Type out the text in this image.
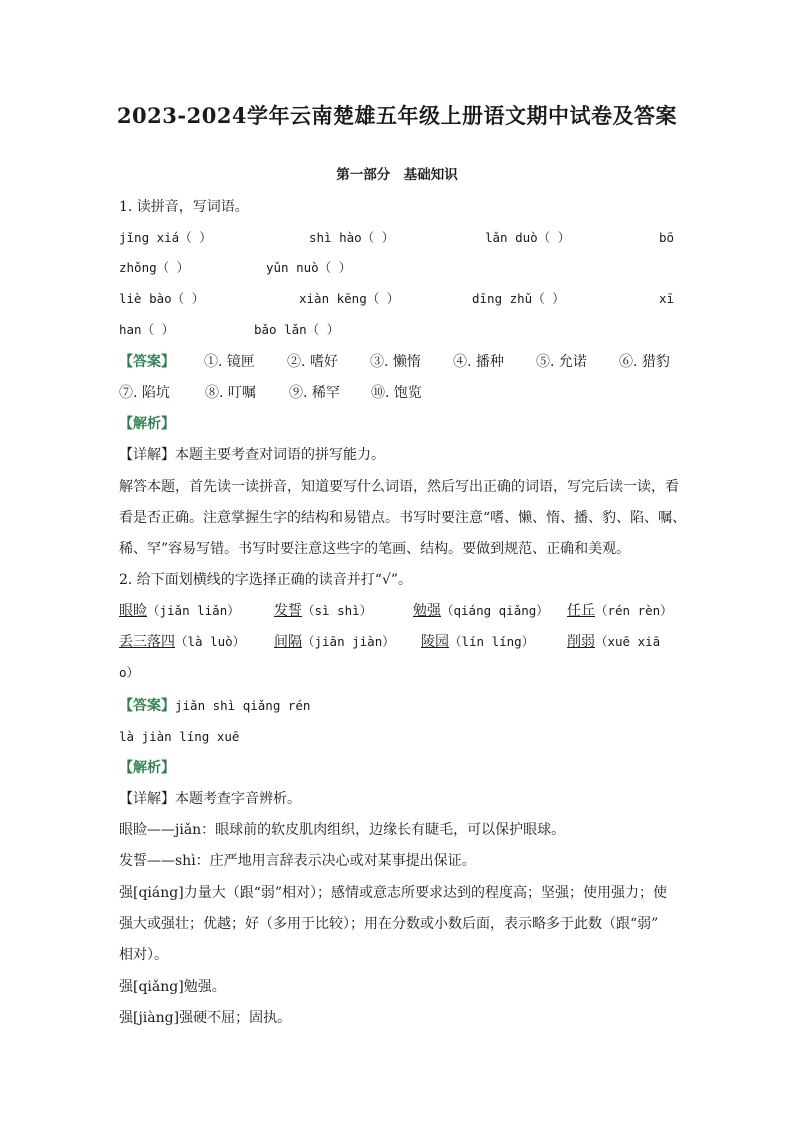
2023-2024学年云南楚雄五年级上册语文期中试卷及答案
第一部分　基础知识
1. 读拼音，写词语。
jǐng xiá（ ）	shì hào（ ）	lǎn duò（ ）	bō
zhǒng（ ）	yǔn nuò（ ）
liè bào（ ）	xiàn kēng（ ）	dīng zhǔ（ ）	xī
han（ ）	bǎo lǎn（ ）
【答案】 ①. 镜匣 ②. 嗜好 ③. 懒惰 ④. 播种 ⑤. 允诺 ⑥. 猎豹
⑦. 陷坑	⑧. 叮嘱 ⑨. 稀罕 ⑩. 饱览
【解析】
【详解】本题主要考查对词语的拼写能力。
解答本题，首先读一读拼音，知道要写什么词语，然后写出正确的词语，写完后读一读，看
看是否正确。注意掌握生字的结构和易错点。书写时要注意“嗜、懒、惰、播、豹、陷、嘱、
稀、罕”容易写错。书写时要注意这些字的笔画、结构。要做到规范、正确和美观。
2. 给下面划横线的字选择正确的读音并打“√”。
眼睑（jiǎn liǎn） 发誓（sì shì）	勉强（qiáng qiǎng） 任丘（rén rèn）
丢三落四（là luò） 间隔（jiān jiàn） 陵园（lín líng） 削弱（xuē xiā
o）
【答案】jiǎn shì qiǎng rén
là jiàn líng xuē
【解析】
【详解】本题考查字音辨析。
眼睑——jiǎn：眼球前的软皮肌肉组织，边缘长有睫毛，可以保护眼球。
发誓——shì：庄严地用言辞表示决心或对某事提出保证。
强[qiáng]力量大（跟“弱”相对）；感情或意志所要求达到的程度高；坚强；使用强力；使
强大或强壮；优越；好（多用于比较）；用在分数或小数后面，表示略多于此数（跟“弱”
相对）。
强[qiǎng]勉强。
强[jiàng]强硬不屈；固执。
